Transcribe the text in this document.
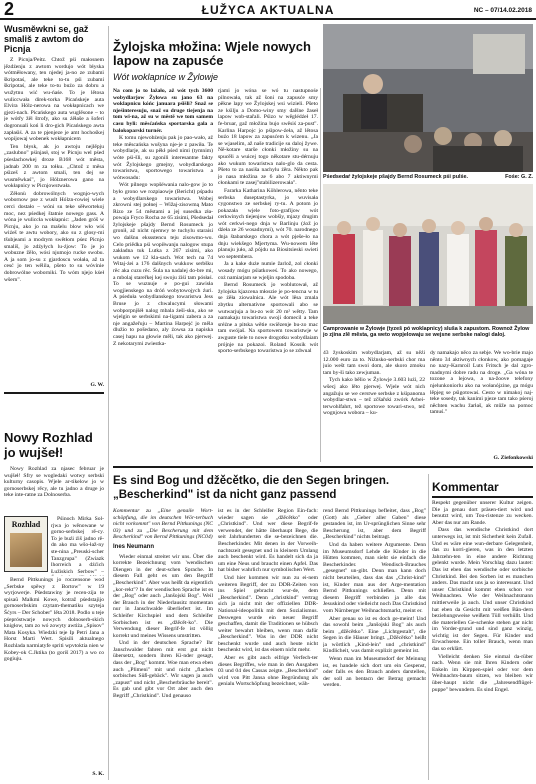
2	ŁUŽYCA AKTUALNA	NC – 07/14.02.2018
Wusměwkni se, gaž smališ z awtom do Picnja

Z Picnja/Peitz. Chtož pśi małosnem jězdźenju z awtom wordujo wót błyska wótměłowany, ten njedej ja-no ze zubami škripotaś, ale teke to-tu pśi zubami škripotaś, ale teke to-tu buźo za dobru a wužytnu wić wu-ńaśe. To je lětosa wuliccwała direk-torka Picańskeje auta Elvira Hólz-nerowa na wokłapnicach we gjezi-nach. Picańskego auta wuglěsone – to je wótřy žěl štrofy, ako su źěłaše a šoferi dogronuali koń li dro-gich Picańskego awta zapłaśiś. A za te pjenjeze je amt hochośkej wopijowaj wobenek wokłapnicem

Ten błysk, ak jo awtoju nejlěpju „zaslubno" pśinjasł, stoj w Picnju wel pśed pśeslachowkej droze B168 wót města, jadnab 200 m za tołku. „Chtož z měsa pśizeš z awtom smali, ten dej se wusměwkaś", jo Hólznerowa gano na wokłapnicy w Picnjowstwała.

Zěłonù dobrowólnych wognjo-wych wobornow pse z wuslt Hólzn-rowiej wiele cerci dostało – wóni su teke sěłwortekoj moc, nez pśedkej štatnie nowego gass. A wóna je wuliccła wokłapnic: „Jaden gróš w Picnju, ako jo na mašelu blow wło wiś wiźeš te awtu wobory, ako su z glosy-mi tšubjeami a modrym swětłom pśez Picnjo smališ, jo zdźyłych lu-źjow: To je jo wobuzne žělo, wósi njumojo rucke swobu. A ja som jo-su z gjardoscu wołała, až ta cesć jo ten wělila, pšeto to su wóvinie dobrowólne woborniki. To wóm njejo kśeł wšern".

G. W.
Nowy Rozhlad jo wujšeł!

Nowy Rozhlad za njasec februar je wujšeł! Sfry se wogledaki wotwy serbski kulturny casopis. Wjele ar-tikelow jo w gornoserbskej rěcy, ale tu jadno a druge jo teke inte-ratne za Dolnoserba.

Rozhlad

Pśinoch Mirka Sol-rjwa jo wěnowane w gorno-serbskej rě-cy. To je buźi źiš jadno rě-dn ako ma wšo-łaž-ny ste-nina „Preuski-scher Tanzgrupa" (Zwiazk lhorreich a dźćich Łužiskich Serbow" –

Bernd Pittkunings jo roczensone wod „Serbske spěwy z Bortow" w 19 wyrjowerje. Pśedstawiny je recen-zija te spisaŭ Malkmi Kowe, kotraž pśedstajijo gornoserbskim czytam-thematiku szyteja Šćyrs – Der Schober" lěta 2018. Podlo u teje pśepróstwarje nowych dolnoserb-skich knigłow, tam zo wó zowyty awtiża „Spisov" Mata Kosyka. Wiedzki teje Ip Petri Jana a Horst Marti Wert. Spisili aktualnego Rozhlada narmiatyfe spriti wpvtoktia nien w Kobey-ok C.Jktika (to goriš 2017) a wo co gogiuju.

S. K.
Žylojska młožina: Wjele nowych lapow na zapusće
Wót woklapnice w Žylowje

Na com jo to lažało, až wót tych 3600 wobydlarjow Žylowa su jano 63 na woklapnicu kóńc januara pśišli? Snaž se njeśinteresuju, snaž su druge tiejenja na tom wi-na, až su w městě we tom samem casu byli: měsćańska sportarska gala a balokoparski turnér.

K tomu njewobźenju pak jo pao-wało, až teke měscańska wušyna nje-je z pawiła. Te wobydlarje, ak su pěkł pśed nimi (tymnim) wóte pśi-šli, su zgonili interesantne fakty wót Žylojskego gmejny, wobydlarskego towaristwa, sportowego towaristwa a wótwosadu:

Wót pilnego wopšéwania nalo-gow jo to było grono we rozpiaowje (Bericht) pśpadu a wobydlarskego towaristwa. Wobej zkrowni stej połnej – Wižaj-zisowmą Mato Rizo ze 54 městami a jej susedka zła-powaja Fryco Rocha ze 65 zisimi, Pšedsedał žylojskeje pšajdy Bernd Rosumeck jo gronił, až nicht njemwy te tuchylu staraisi wo dalšnu ekssstencu teju zisowmo-wu. Celo priědka pśi wopiłwanju nalogow stupa zakładna tuk Lutka z 267 zisimi, ako wukom we 12 kla-sach. Wot tech na 74 Witaj-żei a 176 dalšnych wukkow serbšku rěc aka cuzu rěc. Šula na nadalej do-bre mi, a mbolaj stareřkej kej swoju źiśi tam pósłaś. To se wuznuje e po-gui zawisła wogjienskego na dróń wobytowojych źuri. A pśeduła wobydlanskego towaristwa Jess Bruse jo z chwalucymi słowami wobporpnjšéł nalog mbala źeši-sku, ako se wjelgin se serbskimi na-ligami zabera a za nje angažeřuju – Martina Harpejć jo měla dlužio to pošedano, aly źowsa za napiska casej hapu na głowie měli, tak ako pjerwej. Z nekotarymi zwiestka-

rjami jo wóna se wó tu nastupnośe pilnowała, tak až šoni na zapusće smy pěkne lapy we Žylojskej wsi wizieli. Pšeto ze kśilju a Domo-winy smy dalšne žaseł lapow wob-stařali. Pśizo w wěglédźeł 17. fe-bruar, gaž młožina bujo swěsiś za-pust". Karlina Harpojc jo pśipow-źeła, až lětosa buźo 18 lapow za zapusćem k wizenu. „Ja se wjaselim, až naše tradicije su daloj žywe. Ně-kotare starše cłonki młožiny su na spucěli a wuicej togo někotare stu-dérnuju ako wukum towaristwa nalo-glo da cesta. Pšeto to za nasiša nachylu źěra. Někto pak jo nasa młožina ze 6 abo 7 aktiwnymi cłonkami te zasej"stabilizerowała".

Fararka Katharina Köhlerowa, něnto teke serbska duseptastyrka, jo wuvisała cygonstwo ze serbskej ry-tu. A potom jo pokazała wjele foto-grafijow wót cerkwinych tiejenjow wobšiy, mjazy drugim wót cerkwi-nego dnja w Barlinju (źož jo dźeła ze 26 wosadnymi), wót 70. narodnego dnja štabarskego chora a wót pješe-ło na dnju wiekšego Mjertyma. Wu-nowem lěte planuju juło, až pójdu na Biositsieski swieti wo septembera.

Ja a kake duże numie žarlož, zol cłonki wosady mógu pśiatkoweś. To ako nowego, coż namiarjam se wjeljin spodoba.

Bernd Rosumeck jo woblutował, až žylojska kjazcena młoszie je po-tencna w tu se źěła ziowalnica. Ale wót lěsa zmala zbytku alternatívne sportowali abo se wutwarjuja a bu-zo wót 20 m² wětty. Tam namakaju towaristwa swoji domecil a teke sréźne a pitska wětie swiězenje bu-zo mac tam swójaš. Na sportowem towaristwje w awguste tiele to nowe drogotku wobydlaiam prójnje na pokazoi. Roland Kossik wót sporto-serbskego towaristwa jo se zdwual

Pśedsedaŕ žylojskeje pšajdy Bernd Rosumeck pśi pulśe.	Fośe: G. Z.
Camprowanie w Žylowje (tyzeš pó woklapnicy) sluša k zapustom. Rownož Žylow jo zjina zlě města, ga weto wopjelowaju se wejsne serbske nalogi daloj.

43 žyskoskim wobydlarjam, až su něźi 12.000 euro za to. Niźnsko-serbski chor ma juio wešt tam swoi dom, ale skoro zmoku tam by-ši tako zewjuman.

Tych kako bělio w Žylowje 3.603 luźi, 22 wšecj ako lěto pjerwej. Wjele wót nich angažuju se we cerstwe serbske z kśipanoma wobydlar-stwu – tež zčšařski zwórk Arbei-terwohlfahrt, tež sportowe towari-stwo, tež wognjowa wobora – ku-

dy namakajo něco za sebje. We wo-brie majo něnto 34 aktiwnych cłonkow, ako pomagaje no nazy-Karnroil Luts Fritsch je dal zgro-madnymi dobre radu na droge. „Ga wóna te tozone a lejowa, a na-žoove telefony njelunkoniorlu ako na wołanójzine, ga mógu lěpjeg se pśigotowaś. Cesto w nimakoj naj-teke sosedy, tak kanimi pjeze tam tako pśeroj něchten wachu žarłaš, ak může na pomoc tamuś."

G. Ziefonkowski
Es sind Bog und džěcětko, die den Segen bringen. „Bescherkind" ist da nicht ganz passend

Kommentar zu „Eine genaile Wort-schöpfung, die im deutschen Wör-terbuch nicht vorkommt" von Bernd Pittkunings (NC 03) und zu „Die Bescherung mit dem Bescherkind" von Bernd Pittkunings (NC04)

Ines Neumann

Wieder einmal streitet wir uns. Über die korrekte Bezeichnung vom 'wendischen Diengen in der deut-schen Sprache. In diesem Fall geht es um den Begriff „Bescherkind". Aber was heißt da eigentlich „kor-rekt"? In der wendischen Sprache ist es der „Bog" oder auch „Janšojski Bog". Weil der Brauch in der Niederlausitz momentan nur in Janschwalde überliefert ist. Im Schleifer Kirchspiel und dem Schleifer Sorbischen ist es „džěcět-ko". Die Verwendung dieser Begrif-fe ist völlig korrekt und meines Wissens umstritten.

Und in der deutschen Sprache? Ihr Janschwalder fahren mit erst gut nicht übersetzt, sondern ihren Ki-nder gesagt, dass der „Bog" kommt. Woe man etwa eben auch „Plimeni" mit und nicht „flaches sorbisches Süß-gebäck". Wir sagen ja auch „zapust" und nicht „Bescherbräuche bereit". Es gab und gibt vor Ort aber auch den Begriff „Christkind". Und genauso

ist es in der Schleifer Region Ein-fach: wieder sagen sie „džěcětko" oder „Christkind". Und wer diese Begrif-fe verwendet, der hätte überhaupt Bege, die seit Jahrhunderten die se-bezeichnen die. Bescherkinder. Mit denen in der Vorweih-nachtszeit gesegnet und in kleinem Umlang auch beschenkt wird. Es handelt sich da ja um eine Neus und braucht einen Apfel. Das hat bisher wahrlich nur symbolischen Wert.

Und hier kommen wir nun zu ei-nem weiteren Begriff, der zu DDR-Zeiten von ins Spiel gebracht wur-de, dem „Bescherkind". Denn „christkind" vertrag sich ja nicht mit der offiziellen DDR-National-ideopolitik mit dem Sozialismus. Deswegen wurde ein neuer Begriff geschaffen, damit die Traditionen se hübsch weiter bewahrt bleiben, wenn man dafür „Bescherkind". Was in der DDR nicht beschenkt wurde und auch heute nicht beschenkt wird, ist das einem nicht mehr.

Aber es gibt auch eifrige Verfech-ter dieses Begriffes, wie man in den Ausgaben 03 und 04 des Cassas zeigte. „Bescherkind" wird von Pitt Jansa ohne Begründung als genialu Wortschöpfung bezeichnet, wäh-

rend Bernd Pittkunings befleitet, dass „Bog" (Gott) als „Geber aller Gaben" diese gestanden ist, im Ur-sprünglichen Sinne sehr Bescherung ist, aber dem Begriff „Bescherkind" nichts beitragt.

Und da haben weitere Argumente. Denn im Museumsdorf Lehde die Kinder in die Hütten kommen, man sieht sie einfach die Bescherkinder. Wendisch-Brauches „gesegnet" un-gibt. Denn man kann doch nicht beurteilen, dass das das „Christ-kind" ist, Kinder man aus der Arge-mentation Bernd Pittkunings schließen. Denn mit diesem Begriff verbinden ja alle das Jesuskind oder vielleicht noch Das Christkind vom Nürnberger Weihnachtsmarkt, meint er.

Aber genau so ist es doch ge-meint! Und das sowohl beim „Janšojski Bog" als auch beim „džěcětko". Eine „Lichtgestalt", die Segen in die Häuser bringt. „Džěcětko" heißt ja wörtlich „Kind-lein" und „christkind" Kindlicheit, was damit explizit gemeint ist.

Wenn man im Museumsdorf der Meinung ist, es handele sich dort um ein Gespenst, oder falls es den Brauch anders darstellen, der soll an bentacn der Betrag gemacht werden.

Kommentar

Respekt gegenüber unserer Kultur zeigen. Die ja genau dort präsen-tiert wird und benutzt wird, um Tou-ristenze zu wecken. Aber das nur am Rande.

Dass das wendische Christkind dort unterwegs ist, ist mit Sicherheit kein Zufall. Und es wäre eine wun-derbare Gelegenheit, das zu korri-gieren, was in den letzten Jahrzehn-ten in eine andere Richtung gelenkt wurde. Mein Vorschlag dazu lautet: Das ist eben das wendische oder sorbische Christkind. Bei den Sorben ist es manchen anders. Das macht uns ja so interessant. Und unser Christkind kommt eben schon vor Weihnachten. Wie der Weihnachtsmann mittlerweile ja auch. Und unser Christkind hat eben da Gesicht mit weißen Bän-dern beziehungsweise weißem Tüll verhüllt. Und die materiellen Ge-schenke stehen gar nicht im Vorder-grund und sind ganz winzig, wichtig ist der Segen. Für Kinder und Erwachsene. Ein toller Brauch, wenn man das so erklärt.

Vielleicht denken Sie einmal da-rüber nach. Wenn sie mit Ihren Kindern oder Enkeln im Kirppen-spiel oder vor dem Weihnachts-baum sitzen, wo bleiben wir über-haupt nicht die „Jahresendflügel-puppe" bewundern. Es sind Engel.
